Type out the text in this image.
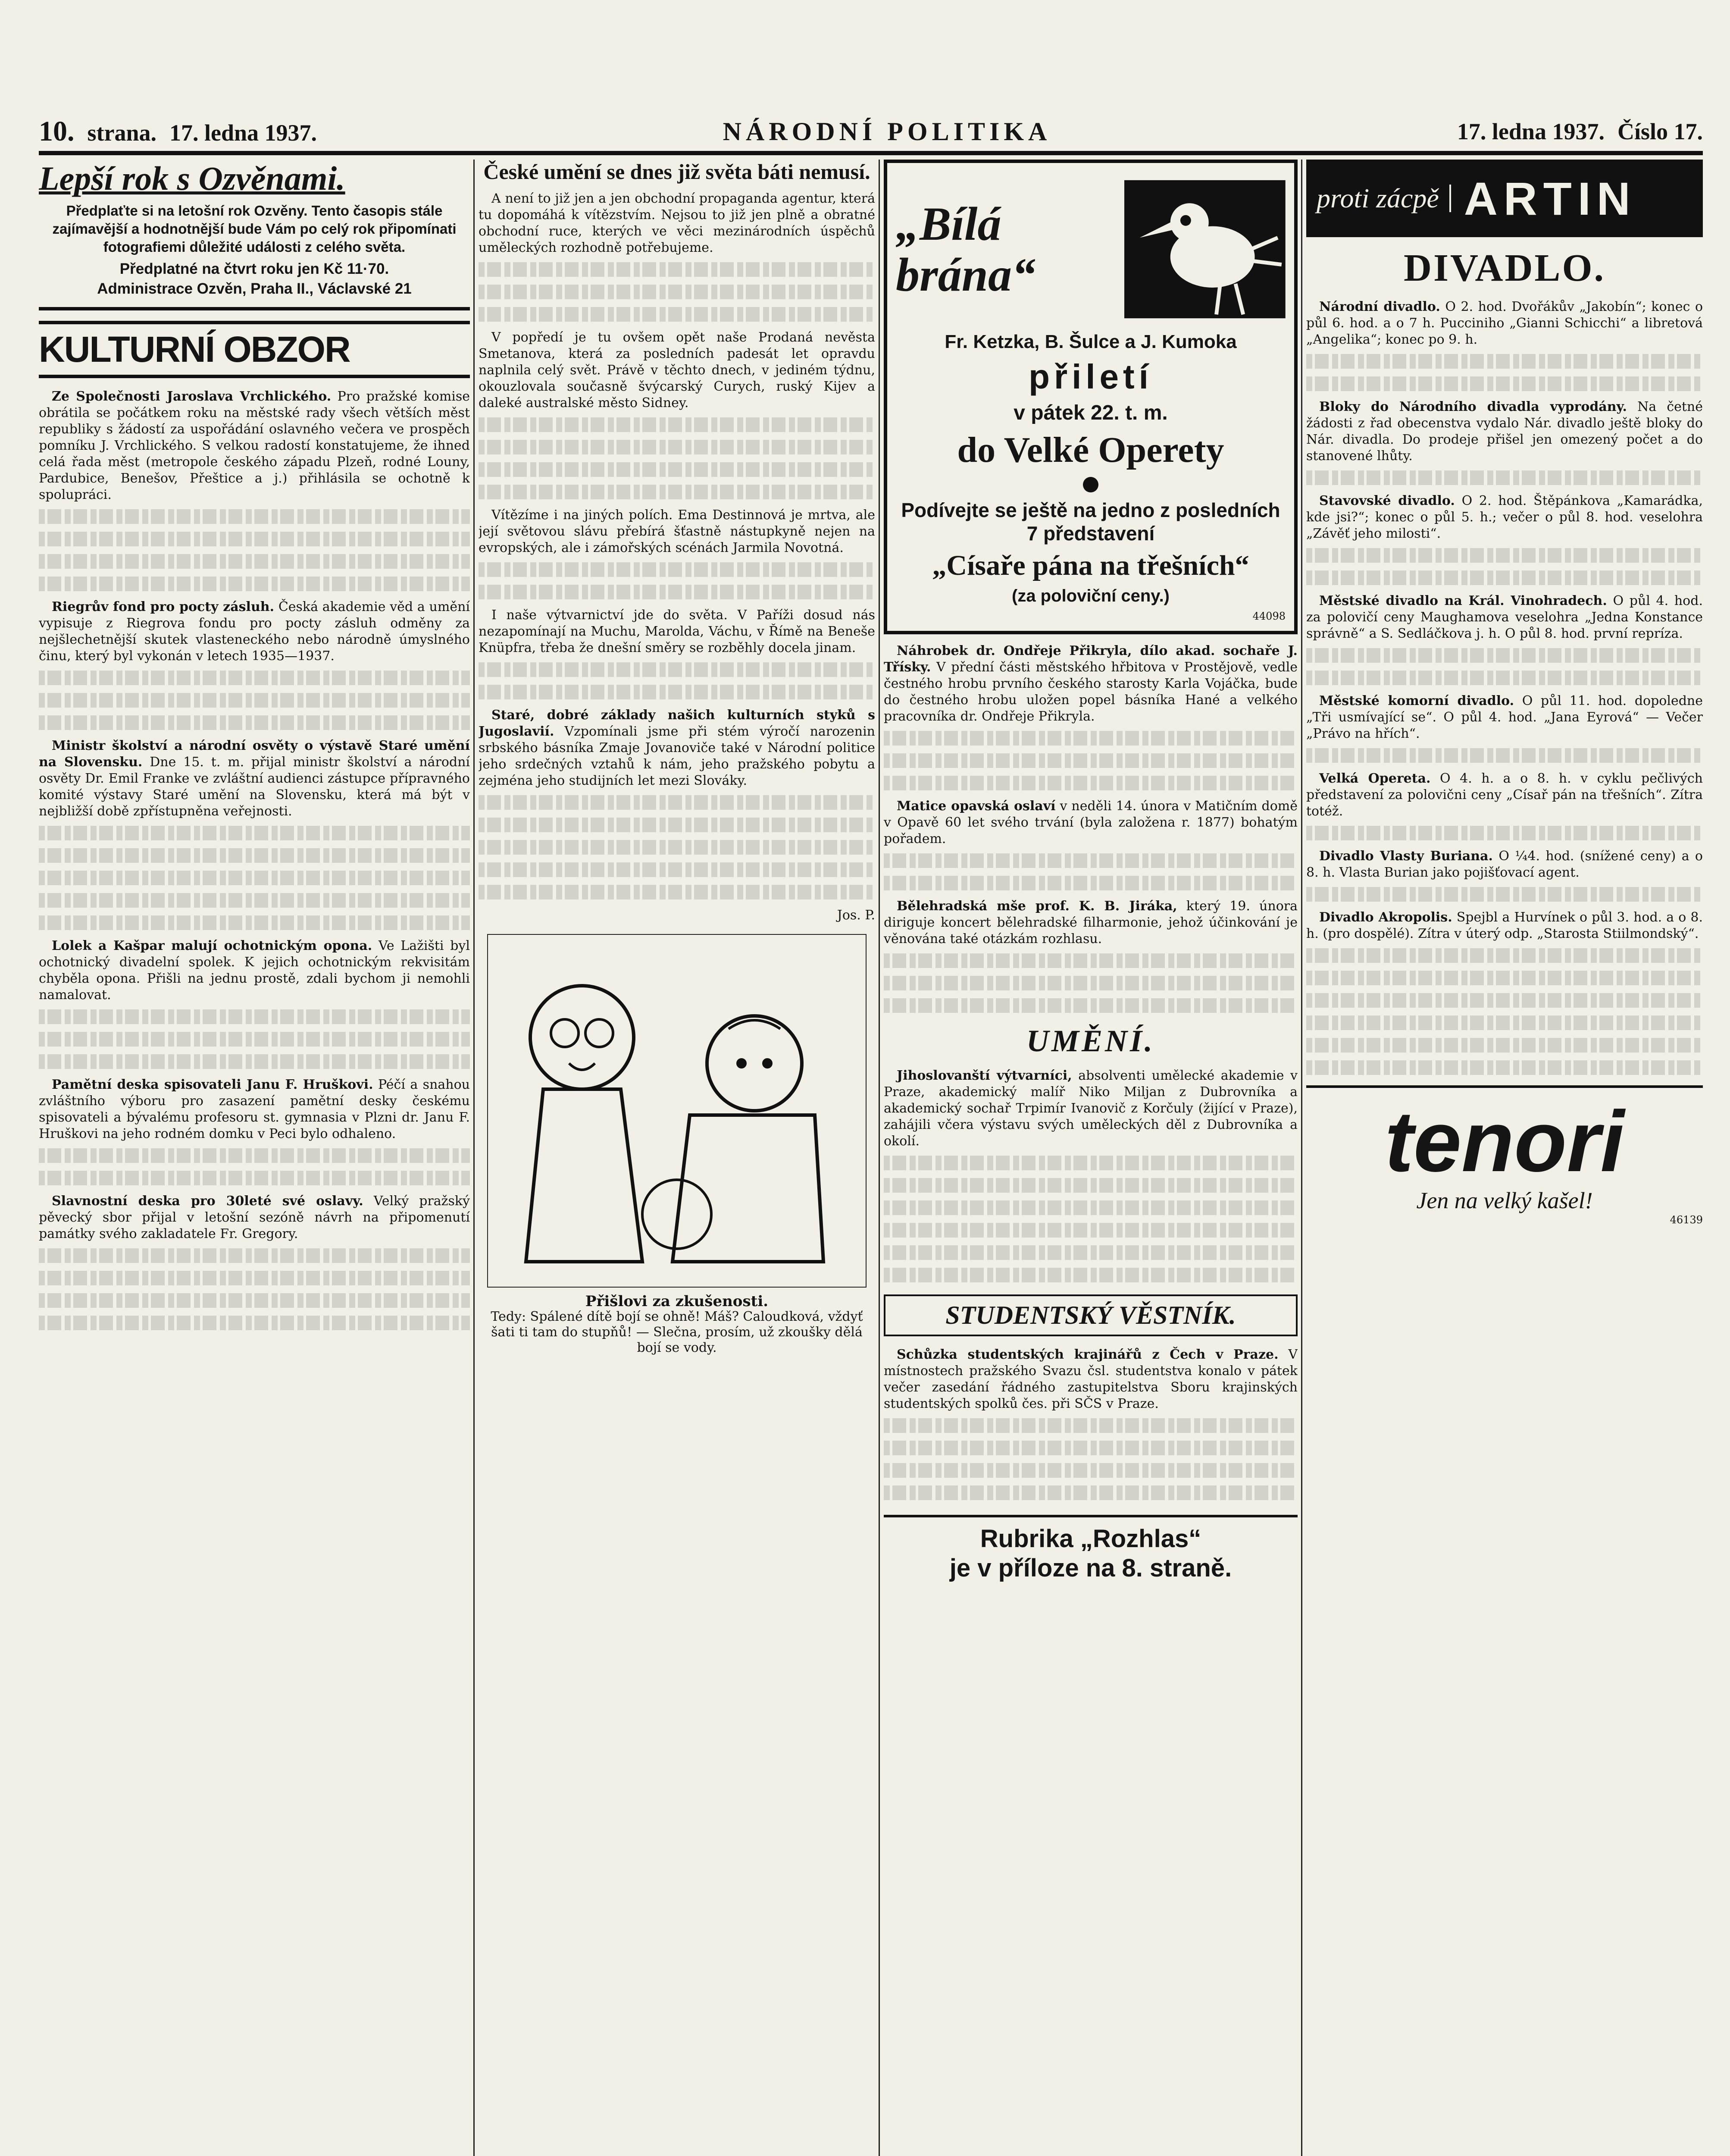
10. strana. 17. ledna 1937.	NÁRODNÍ POLITIKA	17. ledna 1937. Číslo 17.
Lepší rok s Ozvěnami.
Předplaťte si na letošní rok Ozvěny. Tento časopis stále zajímavější a hodnotnější bude Vám po celý rok připomínati fotografiemi důležité události z celého světa.
Předplatné na čtvrt roku jen Kč 11·70.
Administrace Ozvěn, Praha II., Václavské 21
KULTURNÍ OBZOR

Ze Společnosti Jaroslava Vrchlického. Pro pražské komise obrátila se počátkem roku na městské rady všech větších měst republiky s žádostí za uspořádání oslavného večera ve prospěch pomníku J. Vrchlického. S velkou radostí konstatujeme, že ihned celá řada měst (metropole českého západu Plzeň, rodné Louny, Pardubice, Benešov, Přeštice a j.) přihlásila se ochotně k spolupráci.

Riegrův fond pro pocty zásluh. Česká akademie věd a umění vypisuje z Riegrova fondu pro pocty zásluh odměny za nejšlechetnější skutek vlasteneckého nebo národně úmyslného činu, který byl vykonán v letech 1935—1937.

Ministr školství a národní osvěty o výstavě Staré umění na Slovensku. Dne 15. t. m. přijal ministr školství a národní osvěty Dr. Emil Franke ve zvláštní audienci zástupce přípravného komité výstavy Staré umění na Slovensku, která má být v nejbližší době zpřístupněna veřejnosti.

Lolek a Kašpar malují ochotnickým opona. Ve Lažišti byl ochotnický divadelní spolek. K jejich ochotnickým rekvisitám chyběla opona. Přišli na jednu prostě, zdali bychom ji nemohli namalovat.

Pamětní deska spisovateli Janu F. Hruškovi. Péčí a snahou zvláštního výboru pro zasazení pamětní desky českému spisovateli a bývalému profesoru st. gymnasia v Plzni dr. Janu F. Hruškovi na jeho rodném domku v Peci bylo odhaleno.

Slavnostní deska pro 30leté své oslavy. Velký pražský pěvecký sbor přijal v letošní sezóně návrh na připomenutí památky svého zakladatele Fr. Gregory.

České umění se dnes již světa báti nemusí.

A není to již jen a jen obchodní propaganda agentur, která tu dopomáhá k vítězstvím. Nejsou to již jen plně a obratné obchodní ruce, kterých ve věci mezinárodních úspěchů uměleckých rozhodně potřebujeme.

V popředí je tu ovšem opět naše Prodaná nevěsta Smetanova, která za posledních padesát let opravdu naplnila celý svět. Právě v těchto dnech, v jediném týdnu, okouzlovala současně švýcarský Curych, ruský Kijev a daleké australské město Sidney.

Vítězíme i na jiných polích. Ema Destinnová je mrtva, ale její světovou slávu přebírá šťastně nástupkyně nejen na evropských, ale i zámořských scénách Jarmila Novotná.

I naše výtvarnictví jde do světa. V Paříži dosud nás nezapomínají na Muchu, Marolda, Váchu, v Římě na Beneše Knüpfra, třeba že dnešní směry se rozběhly docela jinam.

Staré, dobré základy našich kulturních styků s Jugoslavií. Vzpomínali jsme při stém výročí narozenin srbského básníka Zmaje Jovanoviče také v Národní politice jeho srdečných vztahů k nám, jeho pražského pobytu a zejména jeho studijních let mezi Slováky.

Jos. P.

Přišlovi za zkušenosti.
Tedy: Spálené dítě bojí se ohně! Máš? Caloudková, vždyť šati ti tam do stupňů! — Slečna, prosím, už zkoušky dělá bojí se vody.
„Bílá brána“
Fr. Ketzka, B. Šulce a J. Kumoka
přiletí
v pátek 22. t. m.
do Velké Operety
Podívejte se ještě na jedno z posledních 7 představení
„Císaře pána na třešních“
(za poloviční ceny.)
44098

Náhrobek dr. Ondřeje Přikryla, dílo akad. sochaře J. Třísky. V přední části městského hřbitova v Prostějově, vedle čestného hrobu prvního českého starosty Karla Vojáčka, bude do čestného hrobu uložen popel básníka Hané a velkého pracovníka dr. Ondřeje Přikryla.

Matice opavská oslaví v neděli 14. února v Matičním domě v Opavě 60 let svého trvání (byla založena r. 1877) bohatým pořadem.

Bělehradská mše prof. K. B. Jiráka, který 19. února diriguje koncert bělehradské filharmonie, jehož účinkování je věnována také otázkám rozhlasu.

UMĚNÍ.

Jihoslovanští výtvarníci, absolventi umělecké akademie v Praze, akademický malíř Niko Miljan z Dubrovníka a akademický sochař Trpimír Ivanovič z Korčuly (žijící v Praze), zahájili včera výstavu svých uměleckých děl z Dubrovníka a okolí.

STUDENTSKÝ VĚSTNÍK.

Schůzka studentských krajinářů z Čech v Praze. V místnostech pražského Svazu čsl. studentstva konalo v pátek večer zasedání řádného zastupitelstva Sboru krajinských studentských spolků čes. při SČS v Praze.

Rubrika „Rozhlas“
je v příloze na 8. straně.
proti zácpě ARTIN
DIVADLO.

Národní divadlo. O 2. hod. Dvořákův „Jakobín“; konec o půl 6. hod. a o 7 h. Pucciniho „Gianni Schicchi“ a libretová „Angelika“; konec po 9. h.

Bloky do Národního divadla vyprodány. Na četné žádosti z řad obecenstva vydalo Nár. divadlo ještě bloky do Nár. divadla. Do prodeje přišel jen omezený počet a do stanovené lhůty.

Stavovské divadlo. O 2. hod. Štěpánkova „Kamarádka, kde jsi?“; konec o půl 5. h.; večer o půl 8. hod. veselohra „Závěť jeho milosti“.

Městské divadlo na Král. Vinohradech. O půl 4. hod. za polovičí ceny Maughamova veselohra „Jedna Konstance správně“ a S. Sedláčkova j. h. O půl 8. hod. první repríza.

Městské komorní divadlo. O půl 11. hod. dopoledne „Tři usmívající se“. O půl 4. hod. „Jana Eyrová“ — Večer „Právo na hřích“.

Velká Opereta. O 4. h. a o 8. h. v cyklu pečlivých představení za polovični ceny „Císař pán na třešních“. Zítra totéž.

Divadlo Vlasty Buriana. O ¼4. hod. (snížené ceny) a o 8. h. Vlasta Burian jako pojišťovací agent.

Divadlo Akropolis. Spejbl a Hurvínek o půl 3. hod. a o 8. h. (pro dospělé). Zítra v úterý odp. „Starosta Stiilmondský“.

tenori
Jen na velký kašel!
46139
